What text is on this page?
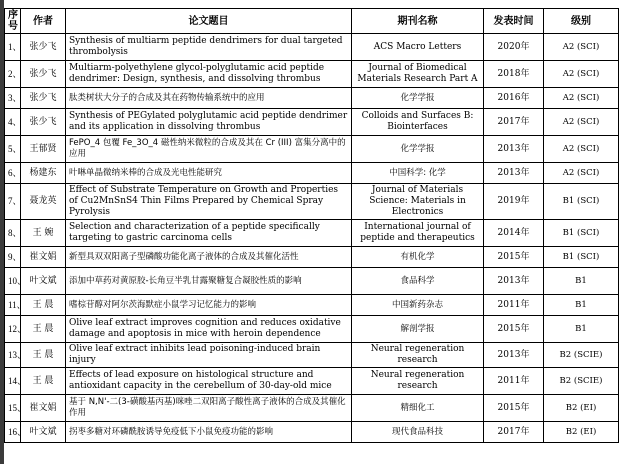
序号	作者	论文题目	期刊名称	发表时间	级别
1、	张少飞	Synthesis of multiarm peptide dendrimers for dual targeted thrombolysis	ACS Macro Letters	2020年	A2 (SCI)
2、	张少飞	Multiarm-polyethylene glycol-polyglutamic acid peptide dendrimer: Design, synthesis, and dissolving thrombus	Journal of Biomedical Materials Research Part A	2018年	A2 (SCI)
3、	张少飞	肽类树状大分子的合成及其在药物传输系统中的应用	化学学报	2016年	A2 (SCI)
4、	张少飞	Synthesis of PEGylated polyglutamic acid peptide dendrimer and its application in dissolving thrombus	Colloids and Surfaces B: Biointerfaces	2017年	A2 (SCI)
5、	王郁贤	FePO_4 包覆 Fe_3O_4 磁性纳米微粒的合成及其在 Cr (III) 富集分离中的应用	化学学报	2013年	A2 (SCI)
6、	杨建东	叶啉单晶微纳米棒的合成及光电性能研究	中国科学: 化学	2013年	A2 (SCI)
7、	聂龙英	Effect of Substrate Temperature on Growth and Properties of Cu2MnSnS4 Thin Films Prepared by Chemical Spray Pyrolysis	Journal of Materials Science: Materials in Electronics	2019年	B1 (SCI)
8、	王 婉	Selection and characterization of a peptide specifically targeting to gastric carcinoma cells	International journal of peptide and therapeutics	2014年	B1 (SCI)
9、	崔文娟	新型具双双阳离子型磷酸功能化离子液体的合成及其催化活性	有机化学	2015年	B1 (SCI)
10、	叶文斌	添加中草药对黄原胶-长角豆半乳甘露聚糖复合凝胶性质的影响	食品科学	2013年	B1
11、	王 晨	嗜棕苷醇对阿尔茨海默症小鼠学习记忆能力的影响	中国新药杂志	2011年	B1
12、	王 晨	Olive leaf extract improves cognition and reduces oxidative damage and apoptosis in mice with heroin dependence	解剖学报	2015年	B1
13、	王 晨	Olive leaf extract inhibits lead poisoning-induced brain injury	Neural regeneration research	2013年	B2 (SCIE)
14、	王 晨	Effects of lead exposure on histological structure and antioxidant capacity in the cerebellum of 30-day-old mice	Neural regeneration research	2011年	B2 (SCIE)
15、	崔文娟	基于 N,N'-二(3-磺酸基丙基)咪唑二双阳离子酸性离子液体的合成及其催化作用	精细化工	2015年	B2 (EI)
16、	叶文斌	拐枣多糖对环磷酰胺诱导免疫低下小鼠免疫功能的影响	现代食品科技	2017年	B2 (EI)
